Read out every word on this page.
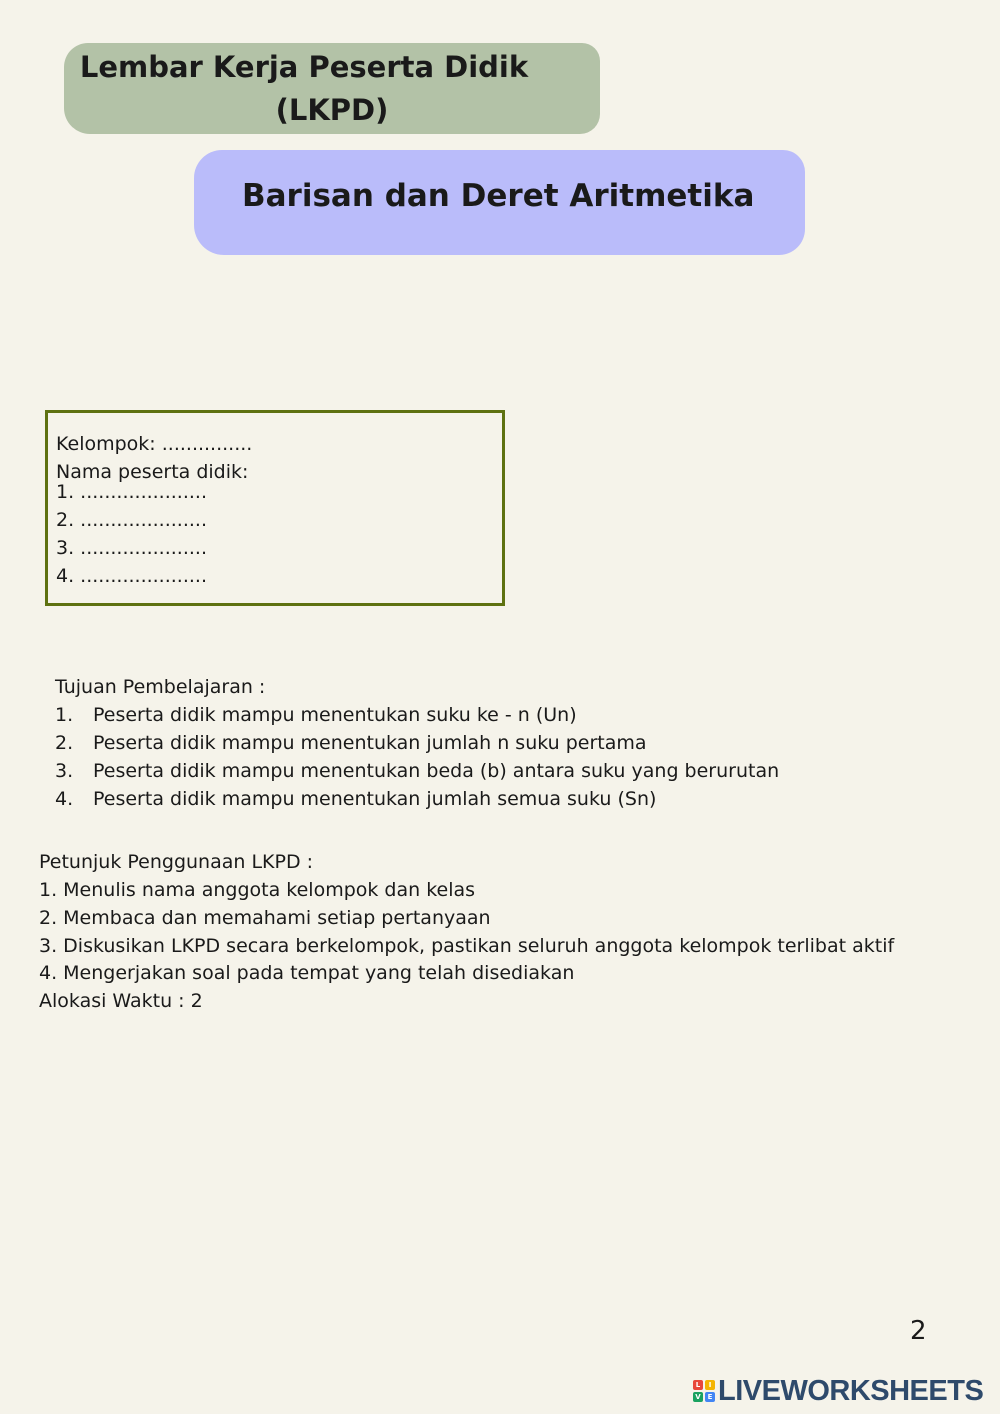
Lembar Kerja Peserta Didik
(LKPD)
Barisan dan Deret Aritmetika
Kelompok: ...............
Nama peserta didik:
1. .....................
2. .....................
3. .....................
4. .....................
Tujuan Pembelajaran :
1. Peserta didik mampu menentukan suku ke - n (Un)
2. Peserta didik mampu menentukan jumlah n suku pertama
3. Peserta didik mampu menentukan beda (b) antara suku yang berurutan
4. Peserta didik mampu menentukan jumlah semua suku (Sn)
Petunjuk Penggunaan LKPD :
1. Menulis nama anggota kelompok dan kelas
2. Membaca dan memahami setiap pertanyaan
3. Diskusikan LKPD secara berkelompok, pastikan seluruh anggota kelompok terlibat aktif
4. Mengerjakan soal pada tempat yang telah disediakan
Alokasi Waktu : 2
2
L	I
V E LIVEWORKSHEETS
